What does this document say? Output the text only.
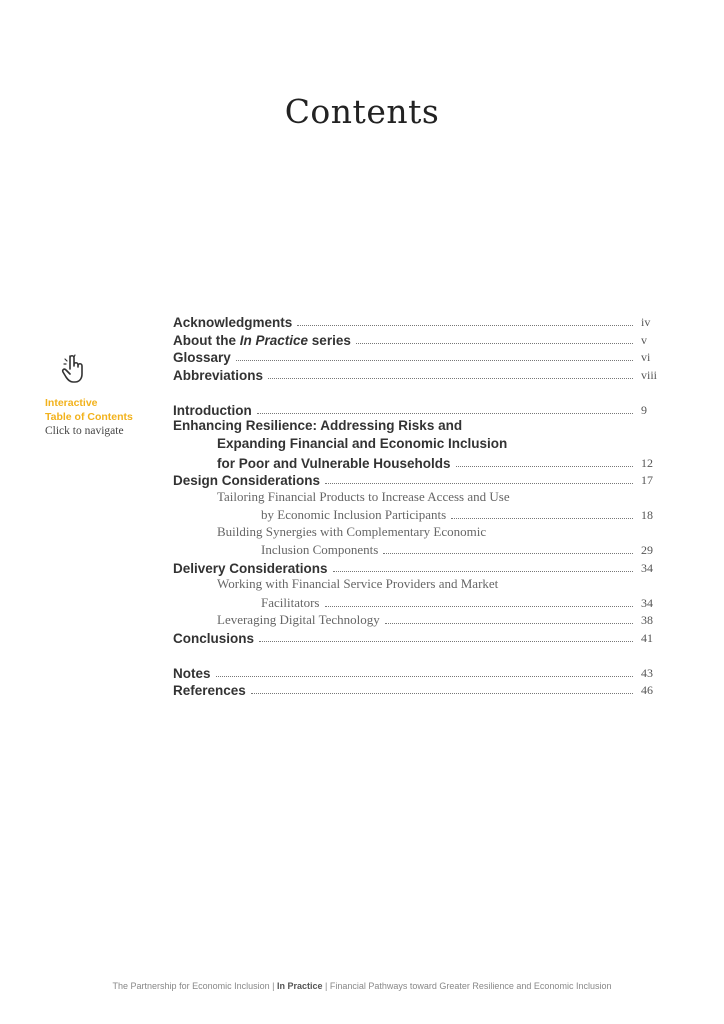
Contents
Interactive
Table of Contents
Click to navigate
Acknowledgments	iv
About the In Practice series	v
Glossary	vi
Abbreviations	viii
Introduction	9
Enhancing Resilience: Addressing Risks and
Expanding Financial and Economic Inclusion
for Poor and Vulnerable Households	12
Design Considerations	17
Tailoring Financial Products to Increase Access and Use
by Economic Inclusion Participants	18
Building Synergies with Complementary Economic
Inclusion Components	29
Delivery Considerations	34
Working with Financial Service Providers and Market
Facilitators	34
Leveraging Digital Technology	38
Conclusions	41
Notes	43
References	46
The Partnership for Economic Inclusion | In Practice | Financial Pathways toward Greater Resilience and Economic Inclusion
